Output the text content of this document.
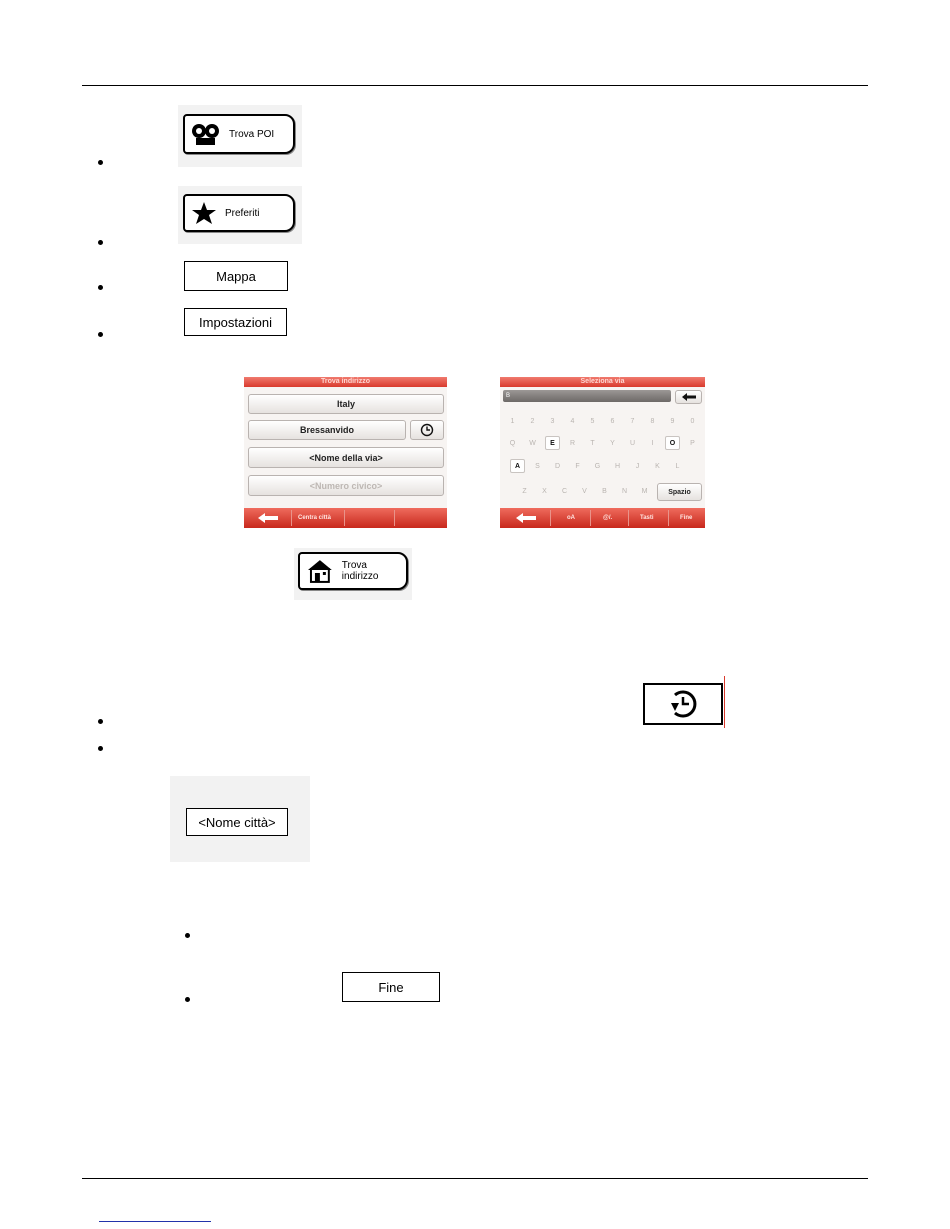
Trova POI
Preferiti
Mappa
Impostazioni
Trova indirizzo
Italy
Bressanvido
<Nome della via>
<Numero civico>
Centra città
Seleziona via
B
Spazio
oA	@/.	Tasti	Fine
1	2	3	4	5	6	7	8	9	0
Q	W	E	R	T	Y	U	I	O	P
A	S	D	F	G	H	J	K	L
Z	X	C	V	B	N	M
Trova indirizzo
<Nome città>
Fine
